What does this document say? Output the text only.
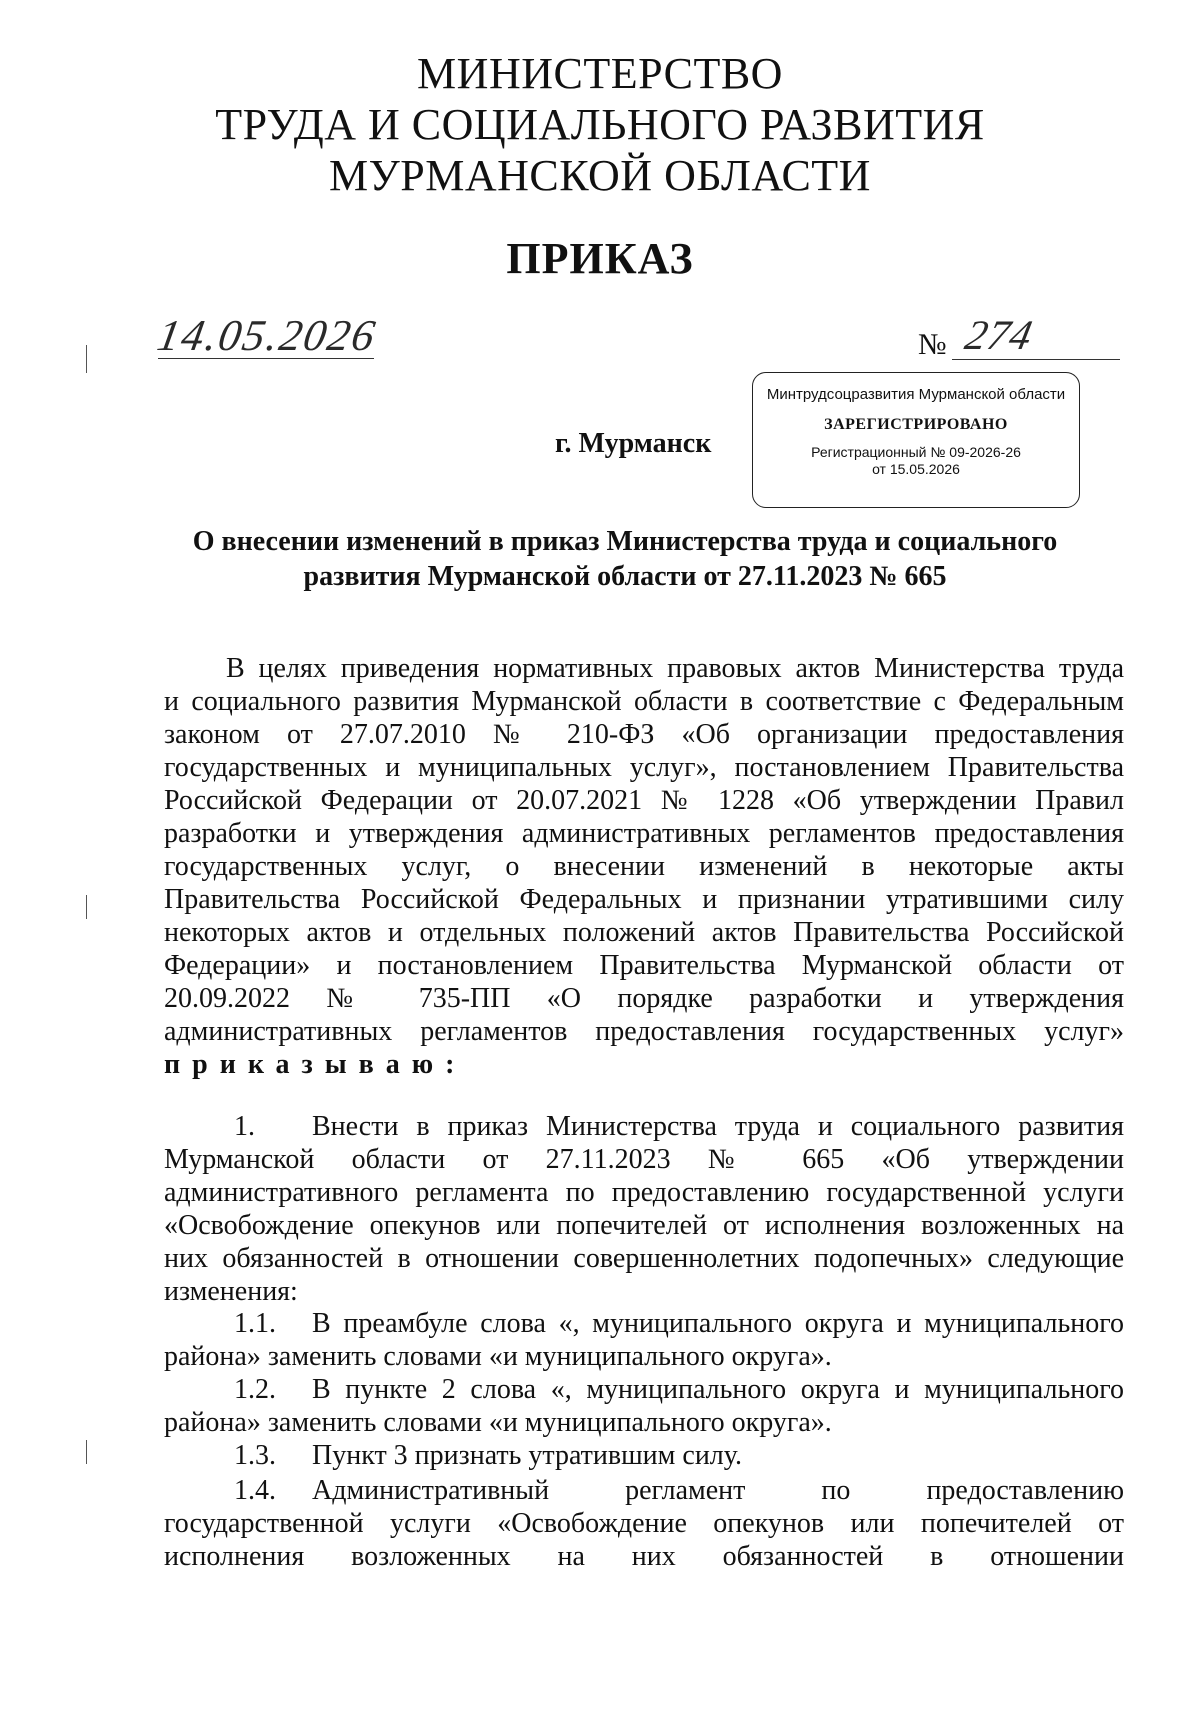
МИНИСТЕРСТВО
ТРУДА И СОЦИАЛЬНОГО РАЗВИТИЯ
МУРМАНСКОЙ ОБЛАСТИ
ПРИКАЗ
14.05.2026	№ 274
г. Мурманск
Минтрудсоцразвития Мурманской области
ЗАРЕГИСТРИРОВАНО
Регистрационный № 09-2026-26
от 15.05.2026
О внесении изменений в приказ Министерства труда и социального
развития Мурманской области от 27.11.2023 № 665
В целях приведения нормативных правовых актов Министерства труда
и социального развития Мурманской области в соответствие с Федеральным
законом от 27.07.2010 № 210-ФЗ «Об организации предоставления
государственных и муниципальных услуг», постановлением Правительства
Российской Федерации от 20.07.2021 № 1228 «Об утверждении Правил
разработки и утверждения административных регламентов предоставления
государственных услуг, о внесении изменений в некоторые акты
Правительства Российской Федеральных и признании утратившими силу
некоторых актов и отдельных положений актов Правительства Российской
Федерации» и постановлением Правительства Мурманской области от
20.09.2022 № 735-ПП «О порядке разработки и утверждения
административных регламентов предоставления государственных услуг»
приказываю:
1. Внести в приказ Министерства труда и социального развития
Мурманской области от 27.11.2023 № 665 «Об утверждении
административного регламента по предоставлению государственной услуги
«Освобождение опекунов или попечителей от исполнения возложенных на
них обязанностей в отношении совершеннолетних подопечных» следующие
изменения:
1.1. В преамбуле слова «, муниципального округа и муниципального
района» заменить словами «и муниципального округа».
1.2. В пункте 2 слова «, муниципального округа и муниципального
района» заменить словами «и муниципального округа».
1.3. Пункт 3 признать утратившим силу.
1.4. Административный регламент по предоставлению
государственной услуги «Освобождение опекунов или попечителей от
исполнения возложенных на них обязанностей в отношении
